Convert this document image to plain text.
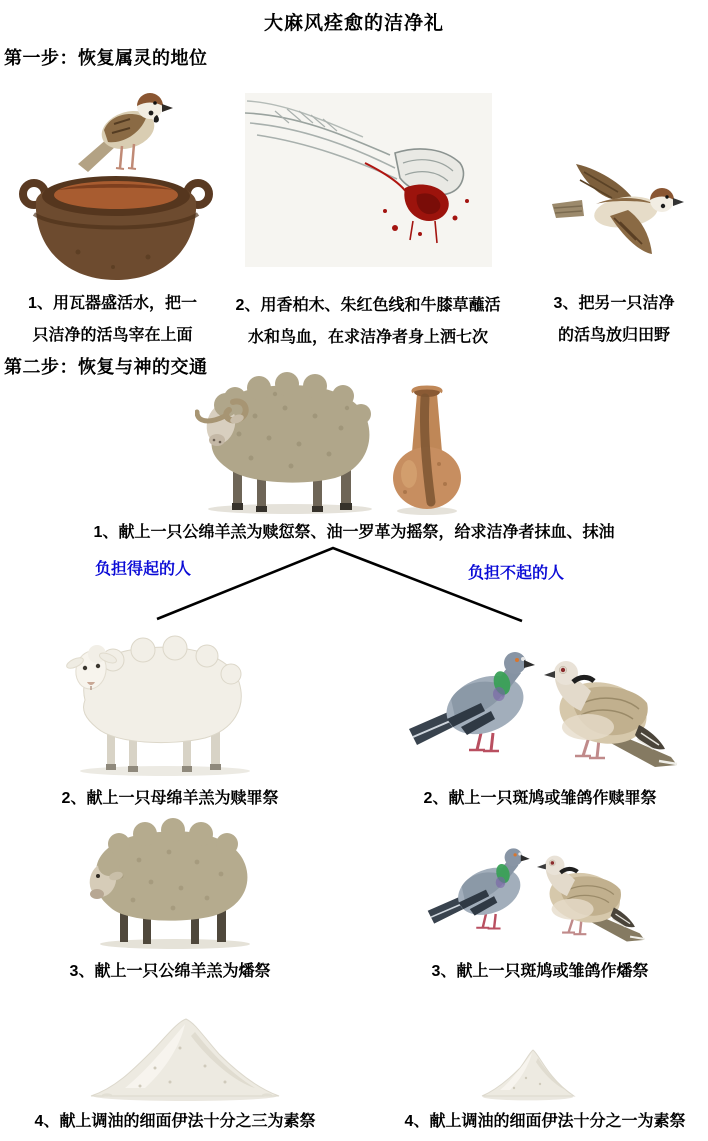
大麻风痊愈的洁净礼
第一步：恢复属灵的地位
1、用瓦器盛活水，把一
只洁净的活鸟宰在上面
2、用香柏木、朱红色线和牛膝草蘸活
水和鸟血，在求洁净者身上洒七次
3、把另一只洁净
的活鸟放归田野
第二步：恢复与神的交通
1、献上一只公绵羊羔为赎愆祭、油一罗革为摇祭，给求洁净者抹血、抹油
负担得起的人	负担不起的人
2、献上一只母绵羊羔为赎罪祭	2、献上一只斑鸠或雏鸽作赎罪祭
3、献上一只公绵羊羔为燔祭	3、献上一只斑鸠或雏鸽作燔祭
4、献上调油的细面伊法十分之三为素祭	4、献上调油的细面伊法十分之一为素祭
